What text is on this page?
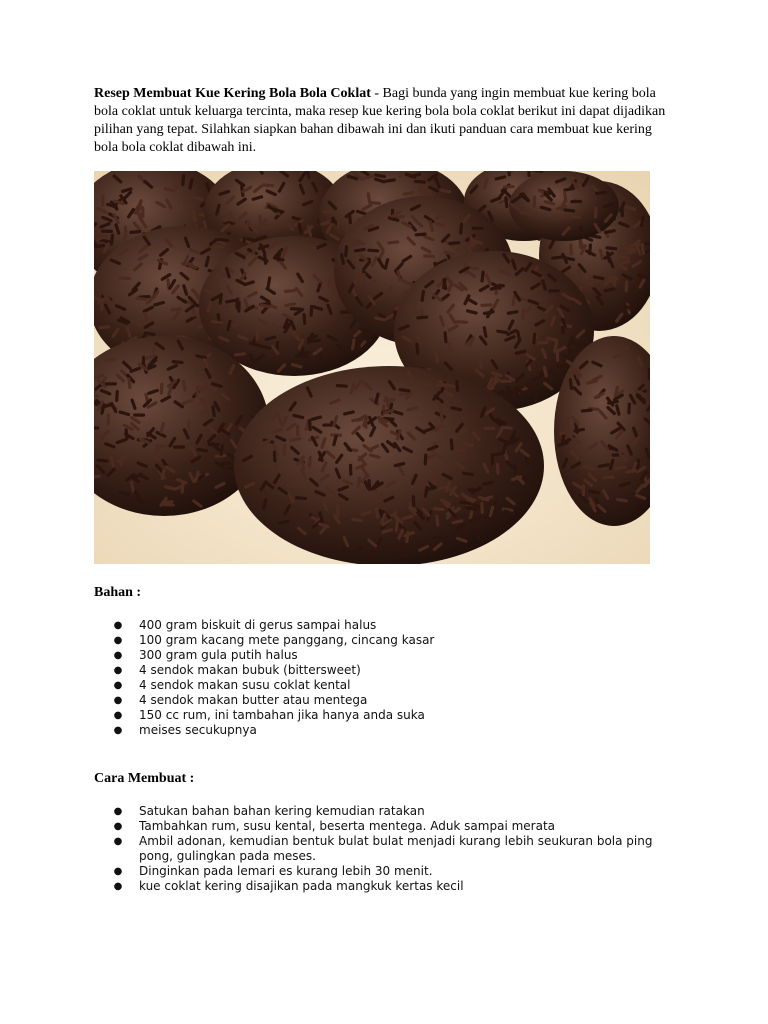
Resep Membuat Kue Kering Bola Bola Coklat - Bagi bunda yang ingin membuat kue kering bola bola coklat untuk keluarga tercinta, maka resep kue kering bola bola coklat berikut ini dapat dijadikan pilihan yang tepat. Silahkan siapkan bahan dibawah ini dan ikuti panduan cara membuat kue kering bola bola coklat dibawah ini.

Bahan :
● 400 gram biskuit di gerus sampai halus
● 100 gram kacang mete panggang, cincang kasar
● 300 gram gula putih halus
● 4 sendok makan bubuk (bittersweet)
● 4 sendok makan susu coklat kental
● 4 sendok makan butter atau mentega
● 150 cc rum, ini tambahan jika hanya anda suka
● meises secukupnya
Cara Membuat :
● Satukan bahan bahan kering kemudian ratakan
● Tambahkan rum, susu kental, beserta mentega. Aduk sampai merata
● Ambil adonan, kemudian bentuk bulat bulat menjadi kurang lebih seukuran bola ping pong, gulingkan pada meses.
● Dinginkan pada lemari es kurang lebih 30 menit.
● kue coklat kering disajikan pada mangkuk kertas kecil
